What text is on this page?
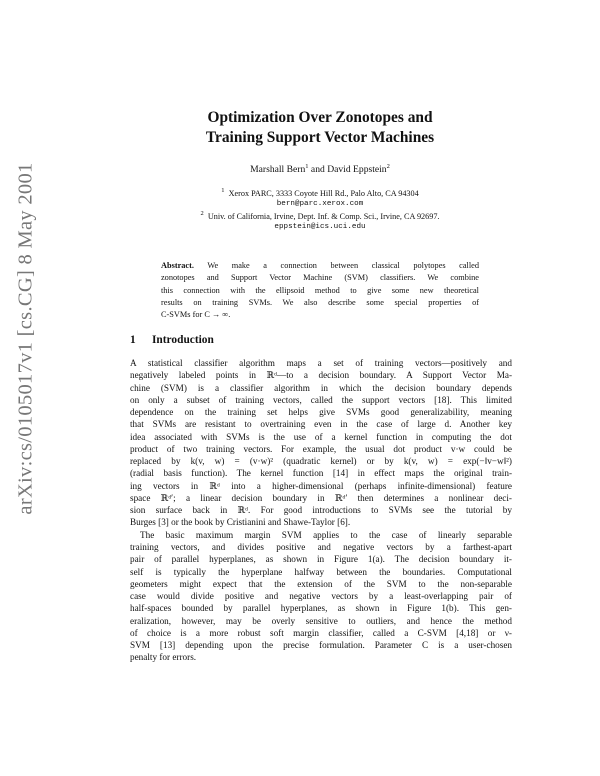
arXiv:cs/0105017v1 [cs.CG] 8 May 2001
Optimization Over Zonotopes and
Training Support Vector Machines
Marshall Bern$^1$ and David Eppstein$^2$
$^1$ Xerox PARC, 3333 Coyote Hill Rd., Palo Alto, CA 94304
bern@parc.xerox.com
$^2$ Univ. of California, Irvine, Dept. Inf. & Comp. Sci., Irvine, CA 92697.
eppstein@ics.uci.edu
Abstract. We make a connection between classical polytopes called
zonotopes and Support Vector Machine (SVM) classifiers. We combine
this connection with the ellipsoid method to give some new theoretical
results on training SVMs. We also describe some special properties of
C-SVMs for C → ∞.
1 Introduction
A statistical classifier algorithm maps a set of training vectors—positively and
negatively labeled points in ℝᵈ—to a decision boundary. A Support Vector Ma-
chine (SVM) is a classifier algorithm in which the decision boundary depends
on only a subset of training vectors, called the support vectors [18]. This limited
dependence on the training set helps give SVMs good generalizability, meaning
that SVMs are resistant to overtraining even in the case of large d. Another key
idea associated with SVMs is the use of a kernel function in computing the dot
product of two training vectors. For example, the usual dot product v·w could be
replaced by k(v, w) = (v·w)² (quadratic kernel) or by k(v, w) = exp(−‖v−w‖²)
(radial basis function). The kernel function [14] in effect maps the original train-
ing vectors in ℝᵈ into a higher-dimensional (perhaps infinite-dimensional) feature
space ℝᵈ′; a linear decision boundary in ℝᵈ′ then determines a nonlinear deci-
sion surface back in ℝᵈ. For good introductions to SVMs see the tutorial by
Burges [3] or the book by Cristianini and Shawe-Taylor [6].
The basic maximum margin SVM applies to the case of linearly separable
training vectors, and divides positive and negative vectors by a farthest-apart
pair of parallel hyperplanes, as shown in Figure 1(a). The decision boundary it-
self is typically the hyperplane halfway between the boundaries. Computational
geometers might expect that the extension of the SVM to the non-separable
case would divide positive and negative vectors by a least-overlapping pair of
half-spaces bounded by parallel hyperplanes, as shown in Figure 1(b). This gen-
eralization, however, may be overly sensitive to outliers, and hence the method
of choice is a more robust soft margin classifier, called a C-SVM [4,18] or ν-
SVM [13] depending upon the precise formulation. Parameter C is a user-chosen
penalty for errors.
